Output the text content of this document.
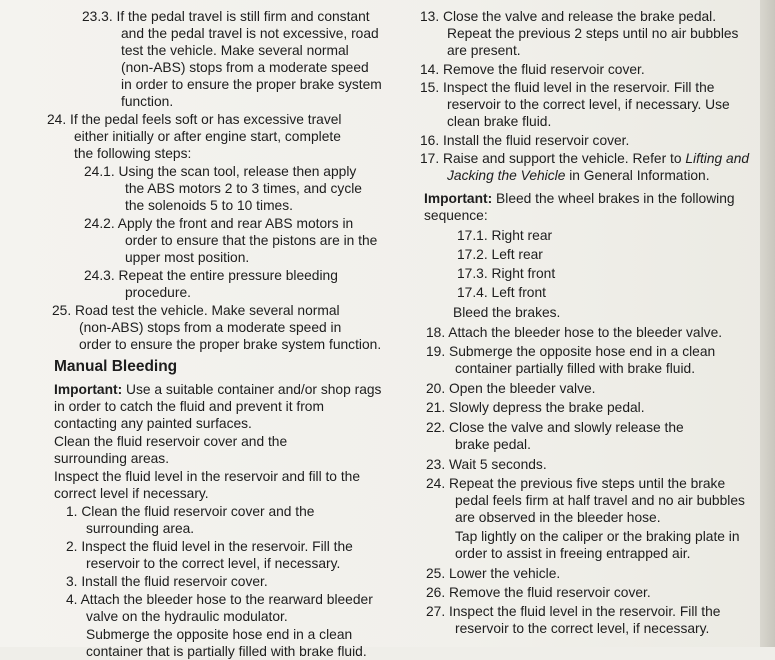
23.3. If the pedal travel is still firm and constant
and the pedal travel is not excessive, road
test the vehicle. Make several normal
(non-ABS) stops from a moderate speed
in order to ensure the proper brake system
function.
24. If the pedal feels soft or has excessive travel
either initially or after engine start, complete
the following steps:
24.1. Using the scan tool, release then apply
the ABS motors 2 to 3 times, and cycle
the solenoids 5 to 10 times.
24.2. Apply the front and rear ABS motors in
order to ensure that the pistons are in the
upper most position.
24.3. Repeat the entire pressure bleeding
procedure.
25. Road test the vehicle. Make several normal
(non-ABS) stops from a moderate speed in
order to ensure the proper brake system function.
Manual Bleeding
Important: Use a suitable container and/or shop rags
in order to catch the fluid and prevent it from
contacting any painted surfaces.
Clean the fluid reservoir cover and the
surrounding areas.
Inspect the fluid level in the reservoir and fill to the
correct level if necessary.
1. Clean the fluid reservoir cover and the
surrounding area.
2. Inspect the fluid level in the reservoir. Fill the
reservoir to the correct level, if necessary.
3. Install the fluid reservoir cover.
4. Attach the bleeder hose to the rearward bleeder
valve on the hydraulic modulator.
Submerge the opposite hose end in a clean
container that is partially filled with brake fluid.
13. Close the valve and release the brake pedal.
Repeat the previous 2 steps until no air bubbles
are present.
14. Remove the fluid reservoir cover.
15. Inspect the fluid level in the reservoir. Fill the
reservoir to the correct level, if necessary. Use
clean brake fluid.
16. Install the fluid reservoir cover.
17. Raise and support the vehicle. Refer to Lifting and
Jacking the Vehicle in General Information.
Important: Bleed the wheel brakes in the following
sequence:
17.1. Right rear
17.2. Left rear
17.3. Right front
17.4. Left front
Bleed the brakes.
18. Attach the bleeder hose to the bleeder valve.
19. Submerge the opposite hose end in a clean
container partially filled with brake fluid.
20. Open the bleeder valve.
21. Slowly depress the brake pedal.
22. Close the valve and slowly release the
brake pedal.
23. Wait 5 seconds.
24. Repeat the previous five steps until the brake
pedal feels firm at half travel and no air bubbles
are observed in the bleeder hose.
Tap lightly on the caliper or the braking plate in
order to assist in freeing entrapped air.
25. Lower the vehicle.
26. Remove the fluid reservoir cover.
27. Inspect the fluid level in the reservoir. Fill the
reservoir to the correct level, if necessary.
